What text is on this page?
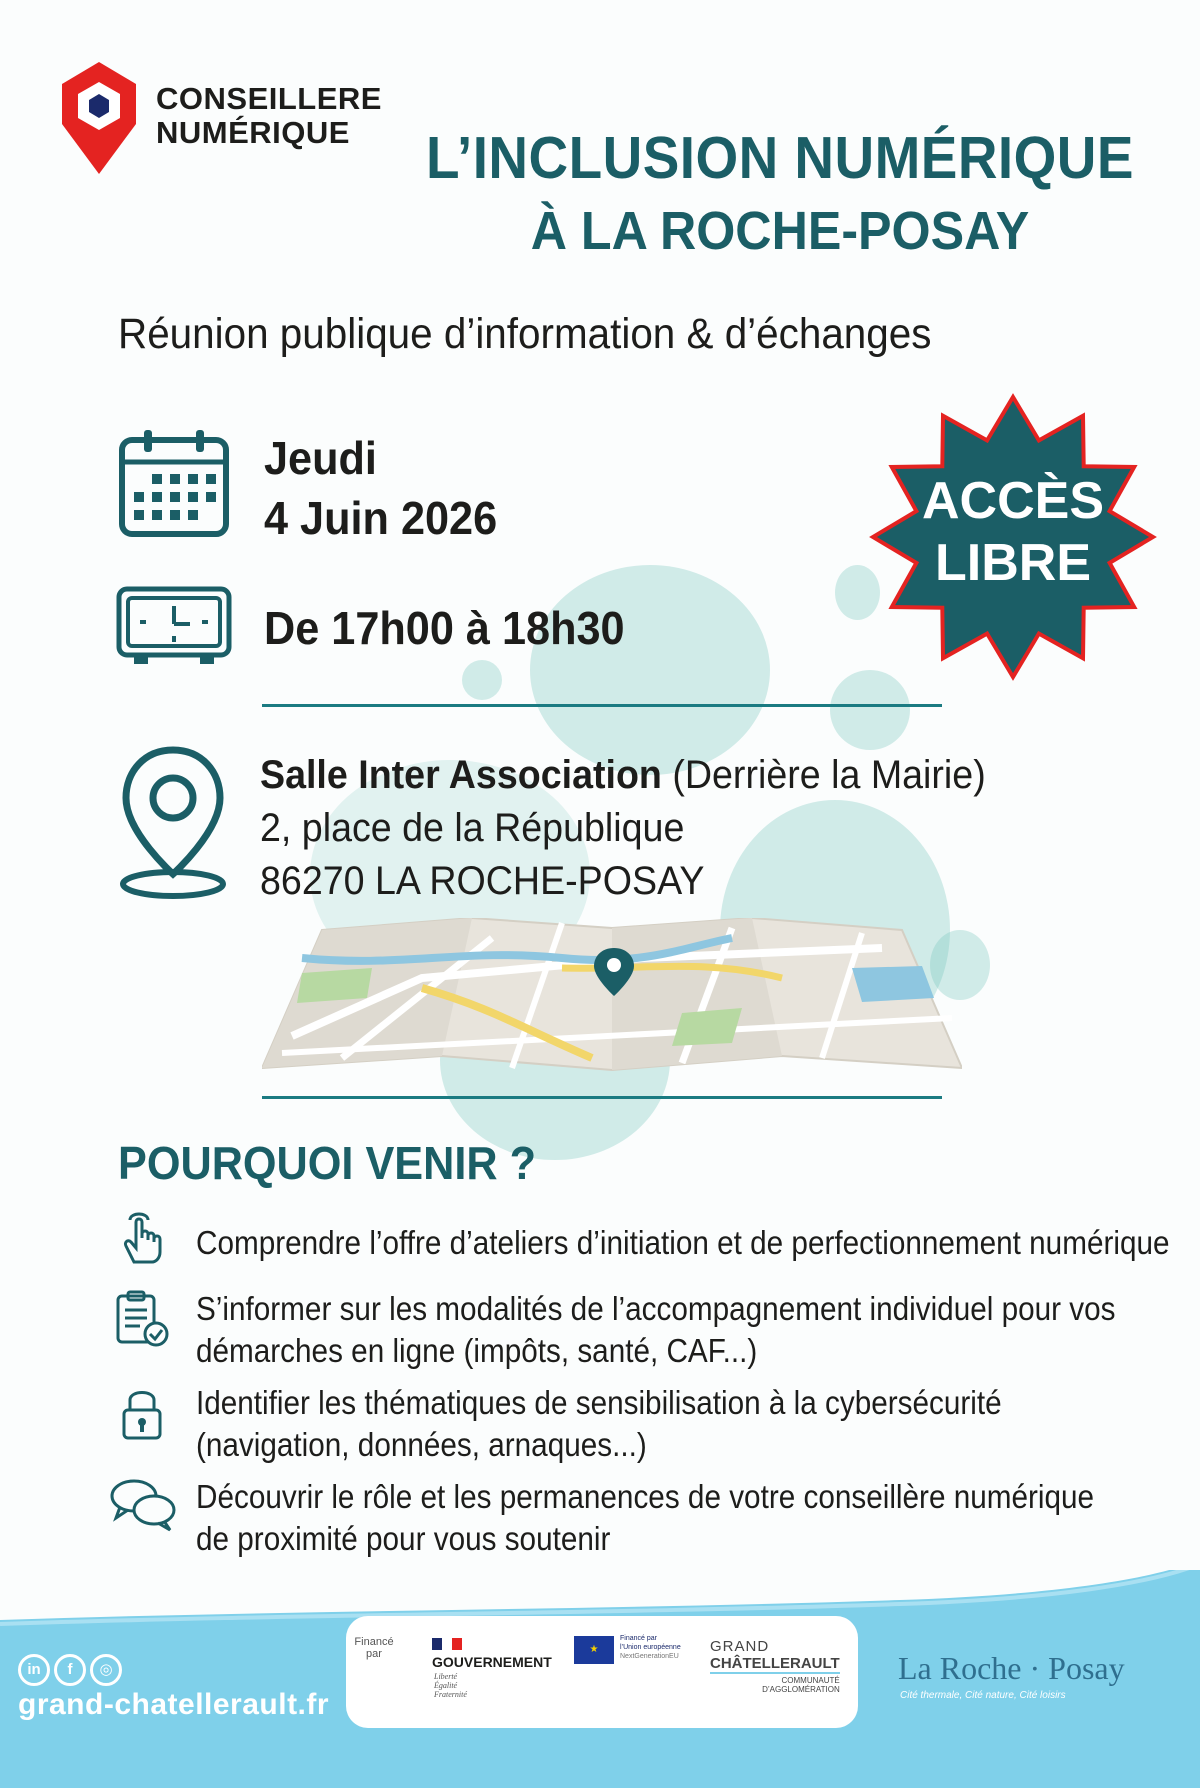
CONSEILLERE
NUMÉRIQUE	L’INCLUSION NUMÉRIQUE
À LA ROCHE-POSAY
Réunion publique d’information & d’échanges
Jeudi
4 Juin 2026
De 17h00 à 18h30
ACCÈS
LIBRE
Salle Inter Association (Derrière la Mairie)
2, place de la République
86270 LA ROCHE-POSAY
POURQUOI VENIR ?
Comprendre l’offre d’ateliers d’initiation et de perfectionnement numérique
S’informer sur les modalités de l’accompagnement individuel pour vos
démarches en ligne (impôts, santé, CAF...)
Identifier les thématiques de sensibilisation à la cybersécurité
(navigation, données, arnaques...)
Découvrir le rôle et les permanences de votre conseillère numérique
de proximité pour vous soutenir
in	f	◎
grand-chatellerault.fr
Financé
par	GOUVERNEMENT
Liberté
Égalité
Fraternité
★
Financé par
l’Union européenne
NextGenerationEU
GRAND
CHÂTELLERAULT
COMMUNAUTÉ
D’AGGLOMÉRATION
La Roche · Posay
Cité thermale, Cité nature, Cité loisirs
